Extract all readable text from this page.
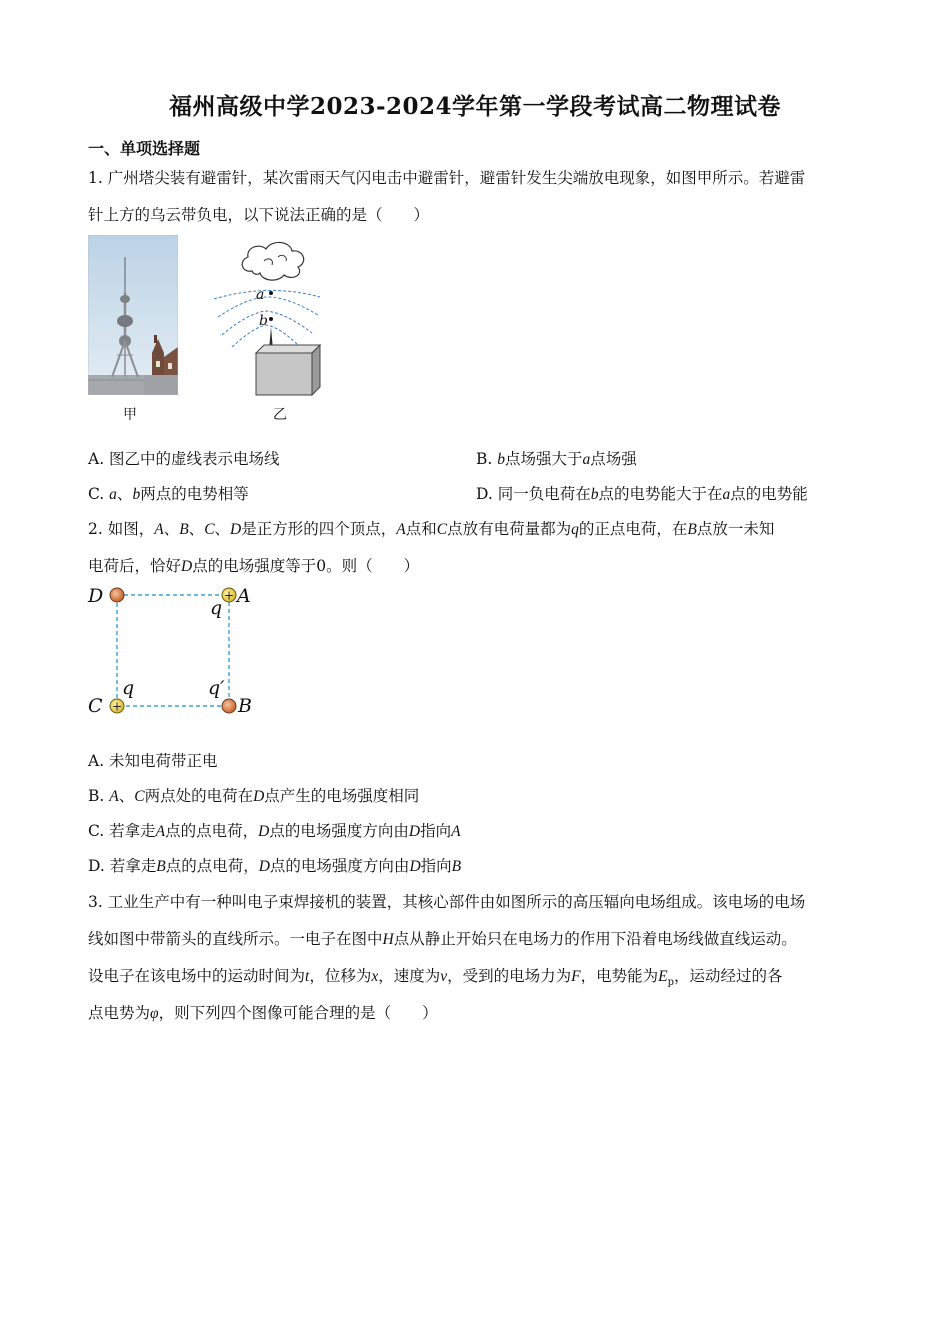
福州高级中学2023-2024学年第一学段考试高二物理试卷
一、单项选择题
1. 广州塔尖装有避雷针，某次雷雨天气闪电击中避雷针，避雷针发生尖端放电现象，如图甲所示。若避雷
针上方的乌云带负电，以下说法正确的是（　　）
甲
a
b
乙
A. 图乙中的虚线表示电场线	B. b点场强大于a点场强
C. a、b两点的电势相等	D. 同一负电荷在b点的电势能大于在a点的电势能
2. 如图，A、B、C、D是正方形的四个顶点，A点和C点放有电荷量都为q的正点电荷，在B点放一未知
电荷后，恰好D点的电场强度等于0。则（　　）
+
+
D	A
q
q	q′
C	B
A. 未知电荷带正电
B. A、C两点处的电荷在D点产生的电场强度相同
C. 若拿走A点的点电荷，D点的电场强度方向由D指向A
D. 若拿走B点的点电荷，D点的电场强度方向由D指向B
3. 工业生产中有一种叫电子束焊接机的装置，其核心部件由如图所示的高压辐向电场组成。该电场的电场
线如图中带箭头的直线所示。一电子在图中H点从静止开始只在电场力的作用下沿着电场线做直线运动。
设电子在该电场中的运动时间为t，位移为x，速度为v，受到的电场力为F，电势能为$E_p$，运动经过的各
点电势为φ，则下列四个图像可能合理的是（　　）
